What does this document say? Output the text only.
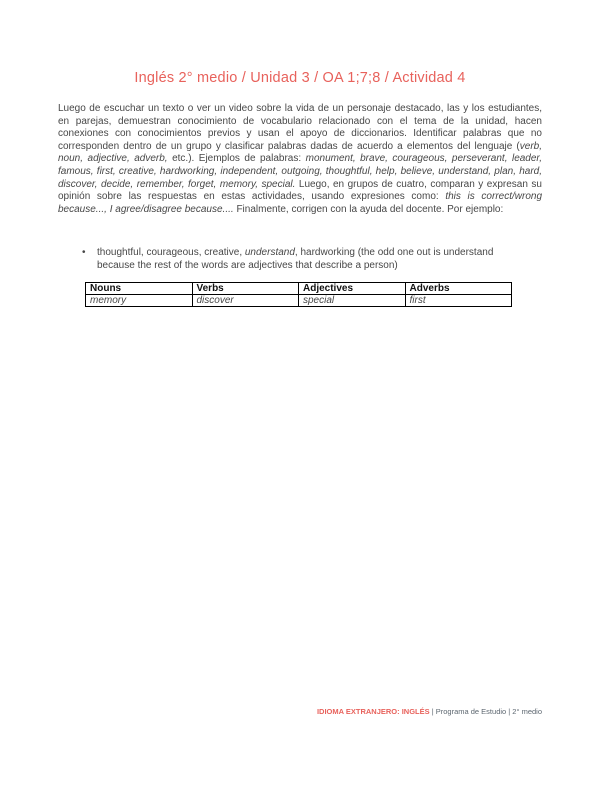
Inglés 2° medio / Unidad 3 / OA 1;7;8 / Actividad 4
Luego de escuchar un texto o ver un video sobre la vida de un personaje destacado, las y los estudiantes, en parejas, demuestran conocimiento de vocabulario relacionado con el tema de la unidad, hacen conexiones con conocimientos previos y usan el apoyo de diccionarios. Identificar palabras que no corresponden dentro de un grupo y clasificar palabras dadas de acuerdo a elementos del lenguaje (verb, noun, adjective, adverb, etc.). Ejemplos de palabras: monument, brave, courageous, perseverant, leader, famous, first, creative, hardworking, independent, outgoing, thoughtful, help, believe, understand, plan, hard, discover, decide, remember, forget, memory, special. Luego, en grupos de cuatro, comparan y expresan su opinión sobre las respuestas en estas actividades, usando expresiones como: this is correct/wrong because..., I agree/disagree because.... Finalmente, corrigen con la ayuda del docente. Por ejemplo:
•	thoughtful, courageous, creative, understand, hardworking (the odd one out is understand because the rest of the words are adjectives that describe a person)
Nouns	Verbs	Adjectives	Adverbs
memory	discover	special	first
IDIOMA EXTRANJERO: INGLÉS | Programa de Estudio | 2° medio
